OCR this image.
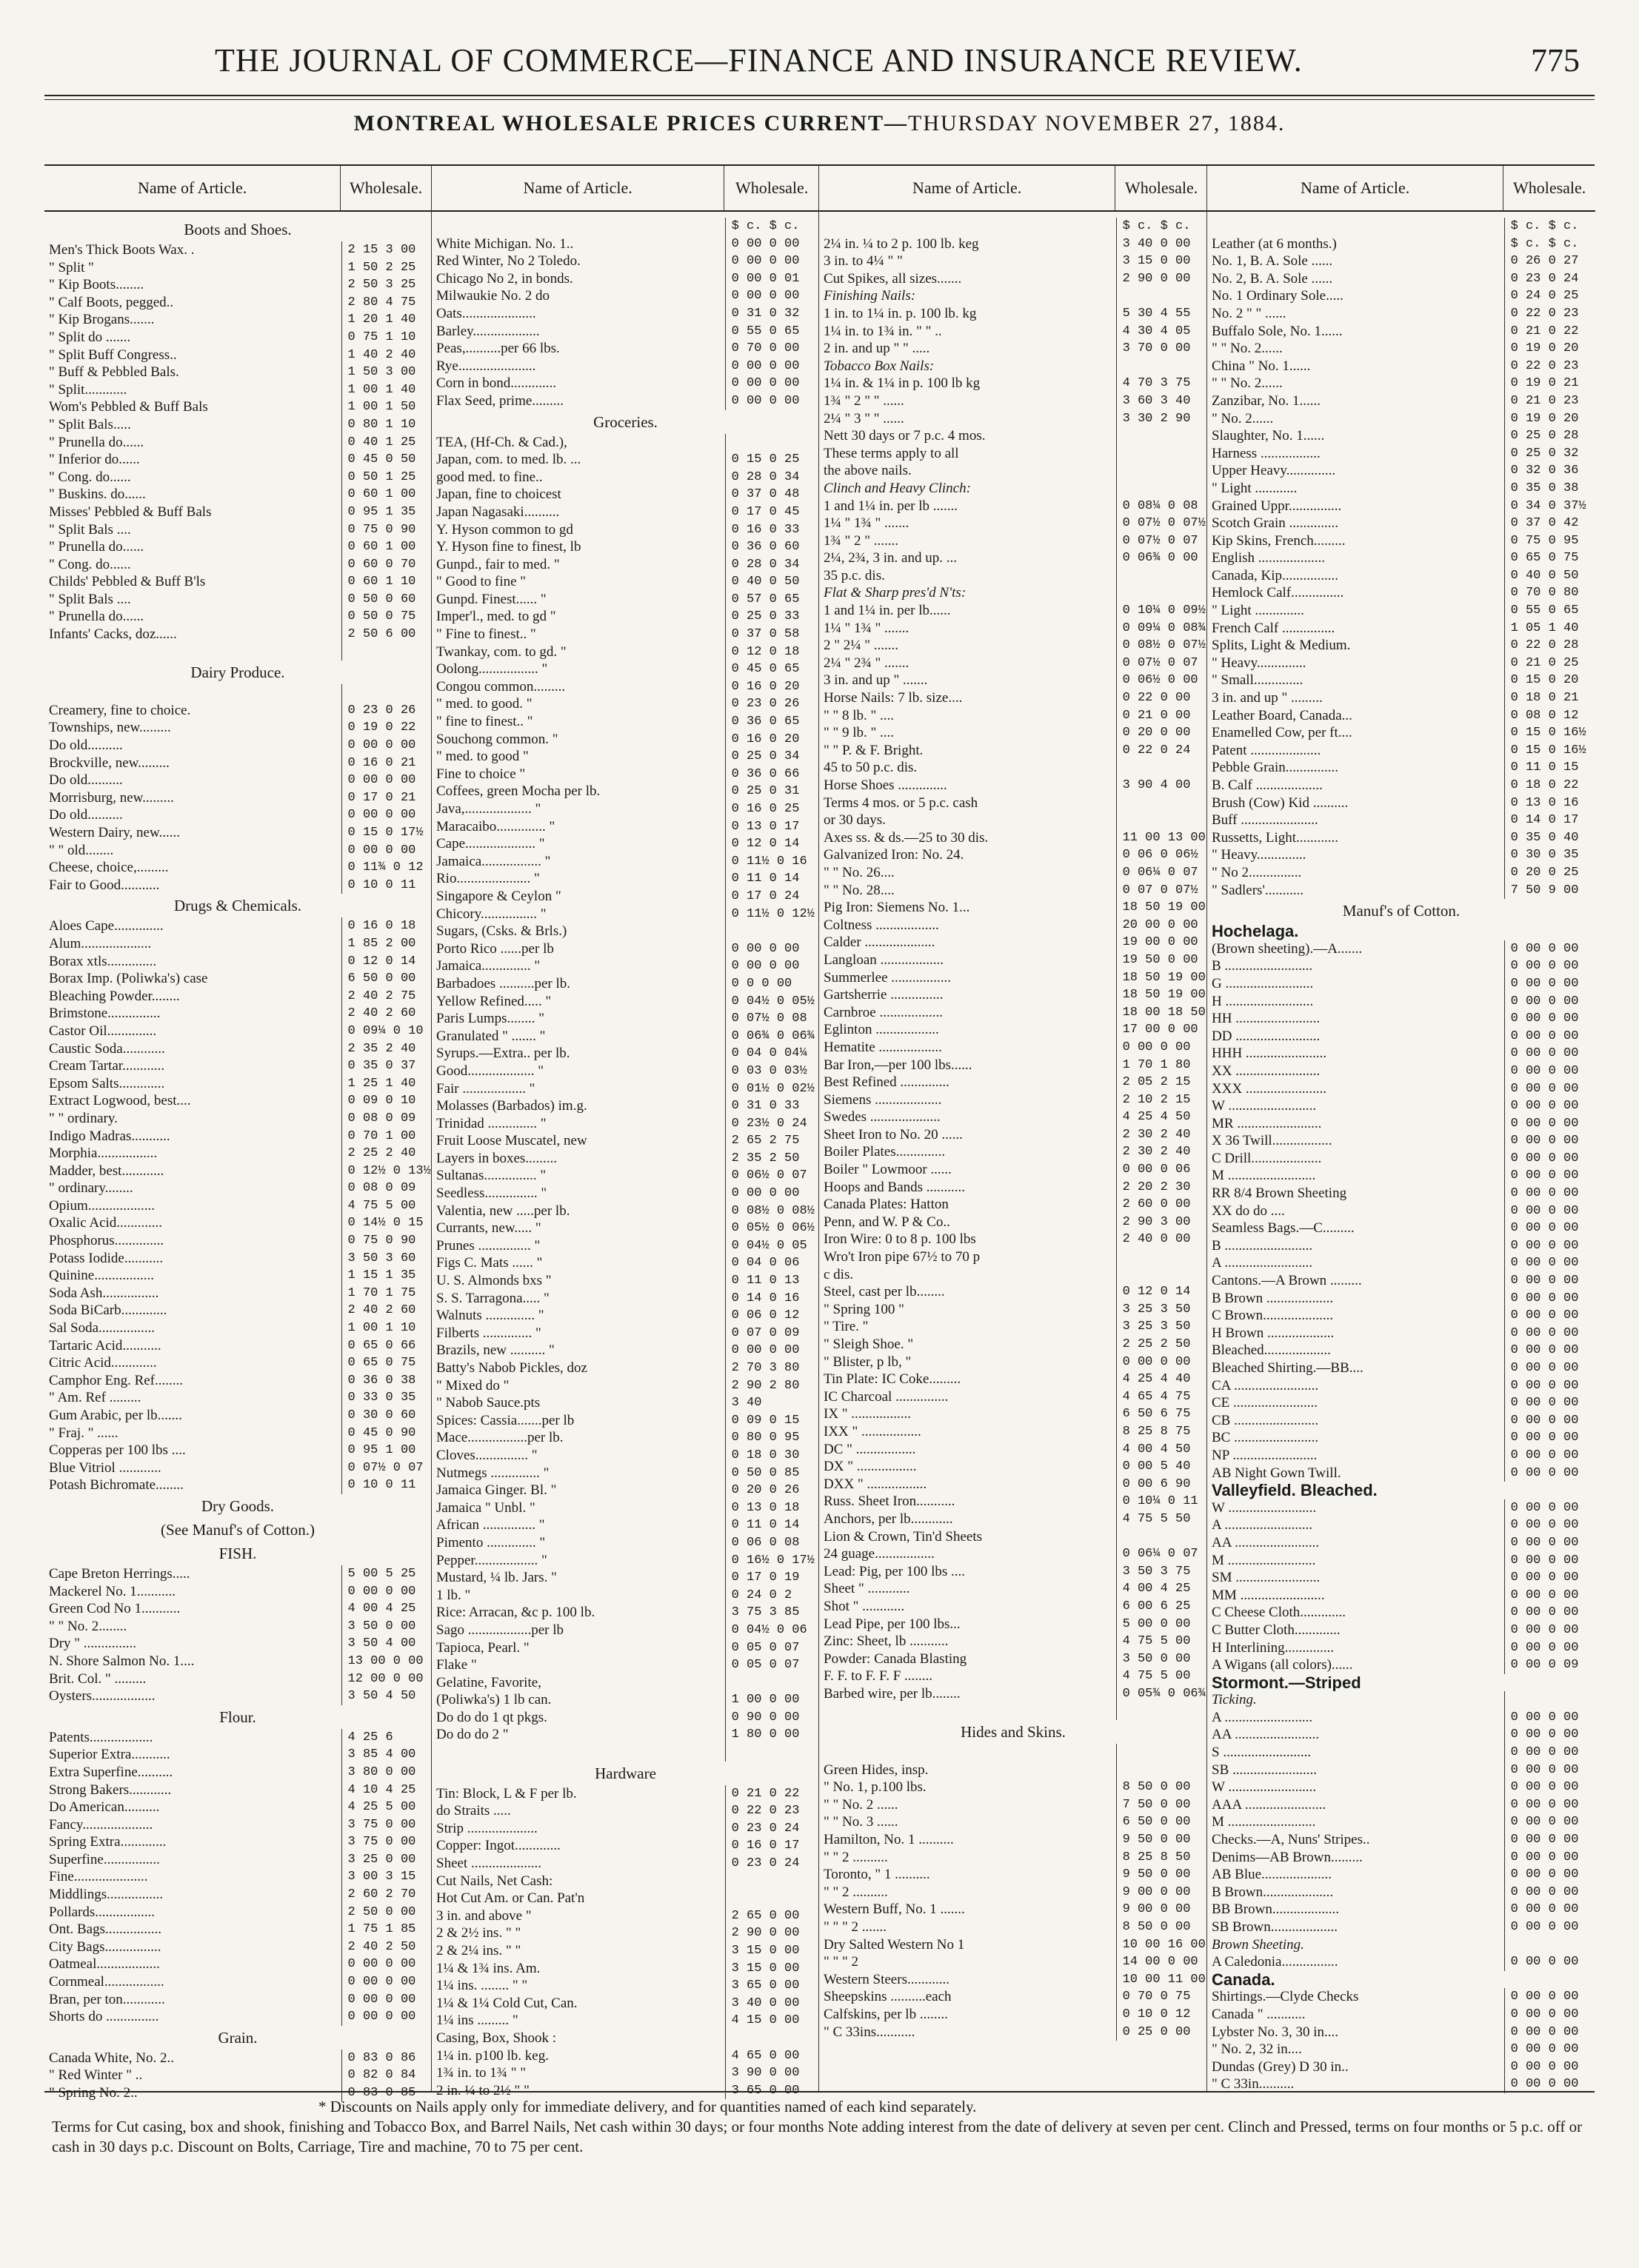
THE JOURNAL OF COMMERCE—FINANCE AND INSURANCE REVIEW.	775
MONTREAL WHOLESALE PRICES CURRENT—THURSDAY NOVEMBER 27, 1884.
Name of Article.	Wholesale.
Boots and Shoes.
Men's Thick Boots Wax. .	2 15 3 00
" Split "	1 50 2 25
" Kip Boots........	2 50 3 25
" Calf Boots, pegged..	2 80 4 75
" Kip Brogans.......	1 20 1 40
" Split do .......	0 75 1 10
" Split Buff Congress..	1 40 2 40
" Buff & Pebbled Bals.	1 50 3 00
" Split............	1 00 1 40
Wom's Pebbled & Buff Bals	1 00 1 50
" Split Bals.....	0 80 1 10
" Prunella do......	0 40 1 25
" Inferior do......	0 45 0 50
" Cong. do......	0 50 1 25
" Buskins. do......	0 60 1 00
Misses' Pebbled & Buff Bals	0 95 1 35
" Split Bals ....	0 75 0 90
" Prunella do......	0 60 1 00
" Cong. do......	0 60 0 70
Childs' Pebbled & Buff B'ls	0 60 1 10
" Split Bals ....	0 50 0 60
" Prunella do......	0 50 0 75
Infants' Cacks, doz......	2 50 6 00
Dairy Produce.
Creamery, fine to choice.	0 23 0 26
Townships, new.........	0 19 0 22
Do old..........	0 00 0 00
Brockville, new.........	0 16 0 21
Do old..........	0 00 0 00
Morrisburg, new.........	0 17 0 21
Do old..........	0 00 0 00
Western Dairy, new......	0 15 0 17½
" " old........	0 00 0 00
Cheese, choice,.........	0 11¾ 0 12
Fair to Good...........	0 10 0 11
Drugs & Chemicals.
Aloes Cape..............	0 16 0 18
Alum....................	1 85 2 00
Borax xtls..............	0 12 0 14
Borax Imp. (Poliwka's) case	6 50 0 00
Bleaching Powder........	2 40 2 75
Brimstone...............	2 40 2 60
Castor Oil..............	0 09¼ 0 10
Caustic Soda............	2 35 2 40
Cream Tartar............	0 35 0 37
Epsom Salts.............	1 25 1 40
Extract Logwood, best....	0 09 0 10
" " ordinary.	0 08 0 09
Indigo Madras...........	0 70 1 00
Morphia.................	2 25 2 40
Madder, best............	0 12½ 0 13½
" ordinary........	0 08 0 09
Opium...................	4 75 5 00
Oxalic Acid.............	0 14½ 0 15
Phosphorus..............	0 75 0 90
Potass Iodide...........	3 50 3 60
Quinine.................	1 15 1 35
Soda Ash................	1 70 1 75
Soda BiCarb.............	2 40 2 60
Sal Soda................	1 00 1 10
Tartaric Acid...........	0 65 0 66
Citric Acid.............	0 65 0 75
Camphor Eng. Ref........	0 36 0 38
" Am. Ref .........	0 33 0 35
Gum Arabic, per lb.......	0 30 0 60
" Fraj. " ......	0 45 0 90
Copperas per 100 lbs ....	0 95 1 00
Blue Vitriol ............	0 07½ 0 07
Potash Bichromate........	0 10 0 11
Dry Goods.
(See Manuf's of Cotton.)
FISH.
Cape Breton Herrings.....	5 00 5 25
Mackerel No. 1...........	0 00 0 00
Green Cod No 1...........	4 00 4 25
" " No. 2........	3 50 0 00
Dry " ...............	3 50 4 00
N. Shore Salmon No. 1....	13 00 0 00
Brit. Col. " .........	12 00 0 00
Oysters..................	3 50 4 50
Flour.
Patents..................	4 25 6
Superior Extra...........	3 85 4 00
Extra Superfine..........	3 80 0 00
Strong Bakers............	4 10 4 25
Do American..........	4 25 5 00
Fancy....................	3 75 0 00
Spring Extra.............	3 75 0 00
Superfine................	3 25 0 00
Fine.....................	3 00 3 15
Middlings................	2 60 2 70
Pollards.................	2 50 0 00
Ont. Bags................	1 75 1 85
City Bags................	2 40 2 50
Oatmeal..................	0 00 0 00
Cornmeal.................	0 00 0 00
Bran, per ton............	0 00 0 00
Shorts do ...............	0 00 0 00
Grain.
Canada White, No. 2..	0 83 0 86
" Red Winter " ..	0 82 0 84
" Spring No. 2..	0 83 0 85
Name of Article.	Wholesale.
$ c. $ c.
White Michigan. No. 1..	0 00 0 00
Red Winter, No 2 Toledo.	0 00 0 00
Chicago No 2, in bonds.	0 00 0 01
Milwaukie No. 2 do	0 00 0 00
Oats.....................	0 31 0 32
Barley...................	0 55 0 65
Peas,..........per 66 lbs.	0 70 0 00
Rye......................	0 00 0 00
Corn in bond.............	0 00 0 00
Flax Seed, prime.........	0 00 0 00
Groceries.
TEA, (Hf-Ch. & Cad.),
Japan, com. to med. lb. ...	0 15 0 25
good med. to fine..	0 28 0 34
Japan, fine to choicest	0 37 0 48
Japan Nagasaki..........	0 17 0 45
Y. Hyson common to gd	0 16 0 33
Y. Hyson fine to finest, lb	0 36 0 60
Gunpd., fair to med. "	0 28 0 34
" Good to fine "	0 40 0 50
Gunpd. Finest...... "	0 57 0 65
Imper'l., med. to gd "	0 25 0 33
" Fine to finest.. "	0 37 0 58
Twankay, com. to gd. "	0 12 0 18
Oolong................. "	0 45 0 65
Congou common.........	0 16 0 20
" med. to good. "	0 23 0 26
" fine to finest.. "	0 36 0 65
Souchong common. "	0 16 0 20
" med. to good "	0 25 0 34
Fine to choice "	0 36 0 66
Coffees, green Mocha per lb.	0 25 0 31
Java,................... "	0 16 0 25
Maracaibo.............. "	0 13 0 17
Cape.................... "	0 12 0 14
Jamaica................. "	0 11½ 0 16
Rio..................... "	0 11 0 14
Singapore & Ceylon "	0 17 0 24
Chicory................ "	0 11½ 0 12½
Sugars, (Csks. & Brls.)
Porto Rico ......per lb	0 00 0 00
Jamaica.............. "	0 00 0 00
Barbadoes ..........per lb.	0 0 0 00
Yellow Refined..... "	0 04½ 0 05½
Paris Lumps........ "	0 07½ 0 08
Granulated " ....... "	0 06¾ 0 06¾
Syrups.—Extra.. per lb.	0 04 0 04¼
Good................... "	0 03 0 03½
Fair .................. "	0 01½ 0 02½
Molasses (Barbados) im.g.	0 31 0 33
Trinidad .............. "	0 23½ 0 24
Fruit Loose Muscatel, new	2 65 2 75
Layers in boxes.........	2 35 2 50
Sultanas............... "	0 06½ 0 07
Seedless............... "	0 00 0 00
Valentia, new .....per lb.	0 08½ 0 08½
Currants, new..... "	0 05½ 0 06½
Prunes ............... "	0 04½ 0 05
Figs C. Mats ...... "	0 04 0 06
U. S. Almonds bxs "	0 11 0 13
S. S. Tarragona..... "	0 14 0 16
Walnuts .............. "	0 06 0 12
Filberts .............. "	0 07 0 09
Brazils, new .......... "	0 00 0 00
Batty's Nabob Pickles, doz	2 70 3 80
" Mixed do "	2 90 2 80
" Nabob Sauce.pts	3 40
Spices: Cassia.......per lb	0 09 0 15
Mace.................per lb.	0 80 0 95
Cloves............... "	0 18 0 30
Nutmegs .............. "	0 50 0 85
Jamaica Ginger. Bl. "	0 20 0 26
Jamaica " Unbl. "	0 13 0 18
African ............... "	0 11 0 14
Pimento .............. "	0 06 0 08
Pepper.................. "	0 16½ 0 17½
Mustard, ¼ lb. Jars. "	0 17 0 19
1 lb. "	0 24 0 2
Rice: Arracan, &c p. 100 lb.	3 75 3 85
Sago ..................per lb	0 04½ 0 06
Tapioca, Pearl. "	0 05 0 07
Flake "	0 05 0 07
Gelatine, Favorite,
(Poliwka's) 1 lb can.	1 00 0 00
Do do do 1 qt pkgs.	0 90 0 00
Do do do 2 "	1 80 0 00
Hardware
Tin: Block, L & F per lb.	0 21 0 22
do Straits .....	0 22 0 23
Strip ....................	0 23 0 24
Copper: Ingot.............	0 16 0 17
Sheet ....................	0 23 0 24
Cut Nails, Net Cash:
Hot Cut Am. or Can. Pat'n
3 in. and above "	2 65 0 00
2 & 2½ ins. " "	2 90 0 00
2 & 2¼ ins. " "	3 15 0 00
1¼ & 1¾ ins. Am.	3 15 0 00
1¼ ins. ........ " "	3 65 0 00
1¼ & 1¼ Cold Cut, Can.	3 40 0 00
1¼ ins ......... "	4 15 0 00
Casing, Box, Shook :
1¼ in. p100 lb. keg.	4 65 0 00
1¾ in. to 1¾ " "	3 90 0 00
2 in. ¼ to 2½ " "	3 65 0 00
Name of Article.	Wholesale.
$ c. $ c.
2¼ in. ¼ to 2 p. 100 lb. keg	3 40 0 00
3 in. to 4¼ " "	3 15 0 00
Cut Spikes, all sizes.......	2 90 0 00
Finishing Nails:
1 in. to 1¼ in. p. 100 lb. kg	5 30 4 55
1¼ in. to 1¾ in. " " ..	4 30 4 05
2 in. and up " " .....	3 70 0 00
Tobacco Box Nails:
1¼ in. & 1¼ in p. 100 lb kg	4 70 3 75
1¾ " 2 " " ......	3 60 3 40
2¼ " 3 " " ......	3 30 2 90
Nett 30 days or 7 p.c. 4 mos.
These terms apply to all
the above nails.
Clinch and Heavy Clinch:
1 and 1¼ in. per lb .......	0 08¼ 0 08
1¼ " 1¾ " .......	0 07½ 0 07½
1¾ " 2 " .......	0 07½ 0 07
2¼, 2¾, 3 in. and up. ...	0 06¾ 0 00
35 p.c. dis.
Flat & Sharp pres'd N'ts:
1 and 1¼ in. per lb......	0 10¼ 0 09½
1¼ " 1¾ " .......	0 09¼ 0 08¾
2 " 2¼ " .......	0 08½ 0 07½
2¼ " 2¾ " .......	0 07½ 0 07
3 in. and up " .......	0 06½ 0 00
Horse Nails: 7 lb. size....	0 22 0 00
" " 8 lb. " ....	0 21 0 00
" " 9 lb. " ....	0 20 0 00
" " P. & F. Bright.	0 22 0 24
45 to 50 p.c. dis.
Horse Shoes ..............	3 90 4 00
Terms 4 mos. or 5 p.c. cash
or 30 days.
Axes ss. & ds.—25 to 30 dis.	11 00 13 00
Galvanized Iron: No. 24.	0 06 0 06½
" " No. 26....	0 06¼ 0 07
" " No. 28....	0 07 0 07½
Pig Iron: Siemens No. 1...	18 50 19 00
Coltness ..................	20 00 0 00
Calder ....................	19 00 0 00
Langloan ..................	19 50 0 00
Summerlee .................	18 50 19 00
Gartsherrie ...............	18 50 19 00
Carnbroe ..................	18 00 18 50
Eglinton ..................	17 00 0 00
Hematite ..................	0 00 0 00
Bar Iron,—per 100 lbs......	1 70 1 80
Best Refined ..............	2 05 2 15
Siemens ...................	2 10 2 15
Swedes ....................	4 25 4 50
Sheet Iron to No. 20 ......	2 30 2 40
Boiler Plates..............	2 30 2 40
Boiler " Lowmoor ......	0 00 0 06
Hoops and Bands ...........	2 20 2 30
Canada Plates: Hatton	2 60 0 00
Penn, and W. P & Co..	2 90 3 00
Iron Wire: 0 to 8 p. 100 lbs	2 40 0 00
Wro't Iron pipe 67½ to 70 p
c dis.
Steel, cast per lb........	0 12 0 14
" Spring 100 "	3 25 3 50
" Tire. "	3 25 3 50
" Sleigh Shoe. "	2 25 2 50
" Blister, p lb, "	0 00 0 00
Tin Plate: IC Coke.........	4 25 4 40
IC Charcoal ...............	4 65 4 75
IX " .................	6 50 6 75
IXX " .................	8 25 8 75
DC " .................	4 00 4 50
DX " .................	0 00 5 40
DXX " .................	0 00 6 90
Russ. Sheet Iron...........	0 10¼ 0 11
Anchors, per lb............	4 75 5 50
Lion & Crown, Tin'd Sheets
24 guage.................	0 06¼ 0 07
Lead: Pig, per 100 lbs ....	3 50 3 75
Sheet " ............	4 00 4 25
Shot " ............	6 00 6 25
Lead Pipe, per 100 lbs...	5 00 0 00
Zinc: Sheet, lb ...........	4 75 5 00
Powder: Canada Blasting	3 50 0 00
F. F. to F. F. F ........	4 75 5 00
Barbed wire, per lb........	0 05¾ 0 06¾
Hides and Skins.
Green Hides, insp.
" No. 1, p.100 lbs.	8 50 0 00
" " No. 2 ......	7 50 0 00
" " No. 3 ......	6 50 0 00
Hamilton, No. 1 ..........	9 50 0 00
" " 2 ..........	8 25 8 50
Toronto, " 1 ..........	9 50 0 00
" " 2 ..........	9 00 0 00
Western Buff, No. 1 .......	9 00 0 00
" " " 2 .......	8 50 0 00
Dry Salted Western No 1	10 00 16 00
" " " 2	14 00 0 00
Western Steers............	10 00 11 00
Sheepskins ..........each	0 70 0 75
Calfskins, per lb ........	0 10 0 12
" C 33ins...........	0 25 0 00
Name of Article.	Wholesale.
$ c. $ c.
Leather (at 6 months.)	$ c. $ c.
No. 1, B. A. Sole ......	0 26 0 27
No. 2, B. A. Sole ......	0 23 0 24
No. 1 Ordinary Sole.....	0 24 0 25
No. 2 " " ......	0 22 0 23
Buffalo Sole, No. 1......	0 21 0 22
" " No. 2......	0 19 0 20
China " No. 1......	0 22 0 23
" " No. 2......	0 19 0 21
Zanzibar, No. 1......	0 21 0 23
" No. 2......	0 19 0 20
Slaughter, No. 1......	0 25 0 28
Harness .................	0 25 0 32
Upper Heavy..............	0 32 0 36
" Light ............	0 35 0 38
Grained Uppr...............	0 34 0 37½
Scotch Grain ..............	0 37 0 42
Kip Skins, French.........	0 75 0 95
English ...................	0 65 0 75
Canada, Kip................	0 40 0 50
Hemlock Calf...............	0 70 0 80
" Light ..............	0 55 0 65
French Calf ...............	1 05 1 40
Splits, Light & Medium.	0 22 0 28
" Heavy..............	0 21 0 25
" Small..............	0 15 0 20
3 in. and up " .........	0 18 0 21
Leather Board, Canada...	0 08 0 12
Enamelled Cow, per ft....	0 15 0 16½
Patent ....................	0 15 0 16½
Pebble Grain...............	0 11 0 15
B. Calf ...................	0 18 0 22
Brush (Cow) Kid ..........	0 13 0 16
Buff ......................	0 14 0 17
Russetts, Light............	0 35 0 40
" Heavy..............	0 30 0 35
" No 2...............	0 20 0 25
" Sadlers'...........	7 50 9 00
Manuf's of Cotton.
Hochelaga.
(Brown sheeting).—A.......	0 00 0 00
B .........................	0 00 0 00
G .........................	0 00 0 00
H .........................	0 00 0 00
HH ........................	0 00 0 00
DD ........................	0 00 0 00
HHH .......................	0 00 0 00
XX ........................	0 00 0 00
XXX .......................	0 00 0 00
W .........................	0 00 0 00
MR ........................	0 00 0 00
X 36 Twill.................	0 00 0 00
C Drill....................	0 00 0 00
M .........................	0 00 0 00
RR 8/4 Brown Sheeting	0 00 0 00
XX do do ....	0 00 0 00
Seamless Bags.—C.........	0 00 0 00
B .........................	0 00 0 00
A .........................	0 00 0 00
Cantons.—A Brown .........	0 00 0 00
B Brown ...................	0 00 0 00
C Brown....................	0 00 0 00
H Brown ...................	0 00 0 00
Bleached...................	0 00 0 00
Bleached Shirting.—BB....	0 00 0 00
CA ........................	0 00 0 00
CE ........................	0 00 0 00
CB ........................	0 00 0 00
BC ........................	0 00 0 00
NP ........................	0 00 0 00
AB Night Gown Twill.	0 00 0 00
Valleyfield. Bleached.
W .........................	0 00 0 00
A .........................	0 00 0 00
AA ........................	0 00 0 00
M .........................	0 00 0 00
SM ........................	0 00 0 00
MM ........................	0 00 0 00
C Cheese Cloth.............	0 00 0 00
C Butter Cloth.............	0 00 0 00
H Interlining..............	0 00 0 00
A Wigans (all colors)......	0 00 0 09
Stormont.—Striped
Ticking.
A .........................	0 00 0 00
AA ........................	0 00 0 00
S .........................	0 00 0 00
SB ........................	0 00 0 00
W .........................	0 00 0 00
AAA .......................	0 00 0 00
M .........................	0 00 0 00
Checks.—A, Nuns' Stripes..	0 00 0 00
Denims—AB Brown.........	0 00 0 00
AB Blue....................	0 00 0 00
B Brown....................	0 00 0 00
BB Brown...................	0 00 0 00
SB Brown...................	0 00 0 00
Brown Sheeting.
A Caledonia................	0 00 0 00
Canada.
Shirtings.—Clyde Checks	0 00 0 00
Canada " ...........	0 00 0 00
Lybster No. 3, 30 in....	0 00 0 00
" No. 2, 32 in....	0 00 0 00
Dundas (Grey) D 30 in..	0 00 0 00
" C 33in..........	0 00 0 00

* Discounts on Nails apply only for immediate delivery, and for quantities named of each kind separately.

Terms for Cut casing, box and shook, finishing and Tobacco Box, and Barrel Nails, Net cash within 30 days; or four months Note adding interest from the date of delivery at seven per cent. Clinch and Pressed, terms on four months or 5 p.c. off or cash in 30 days p.c. Discount on Bolts, Carriage, Tire and machine, 70 to 75 per cent.
